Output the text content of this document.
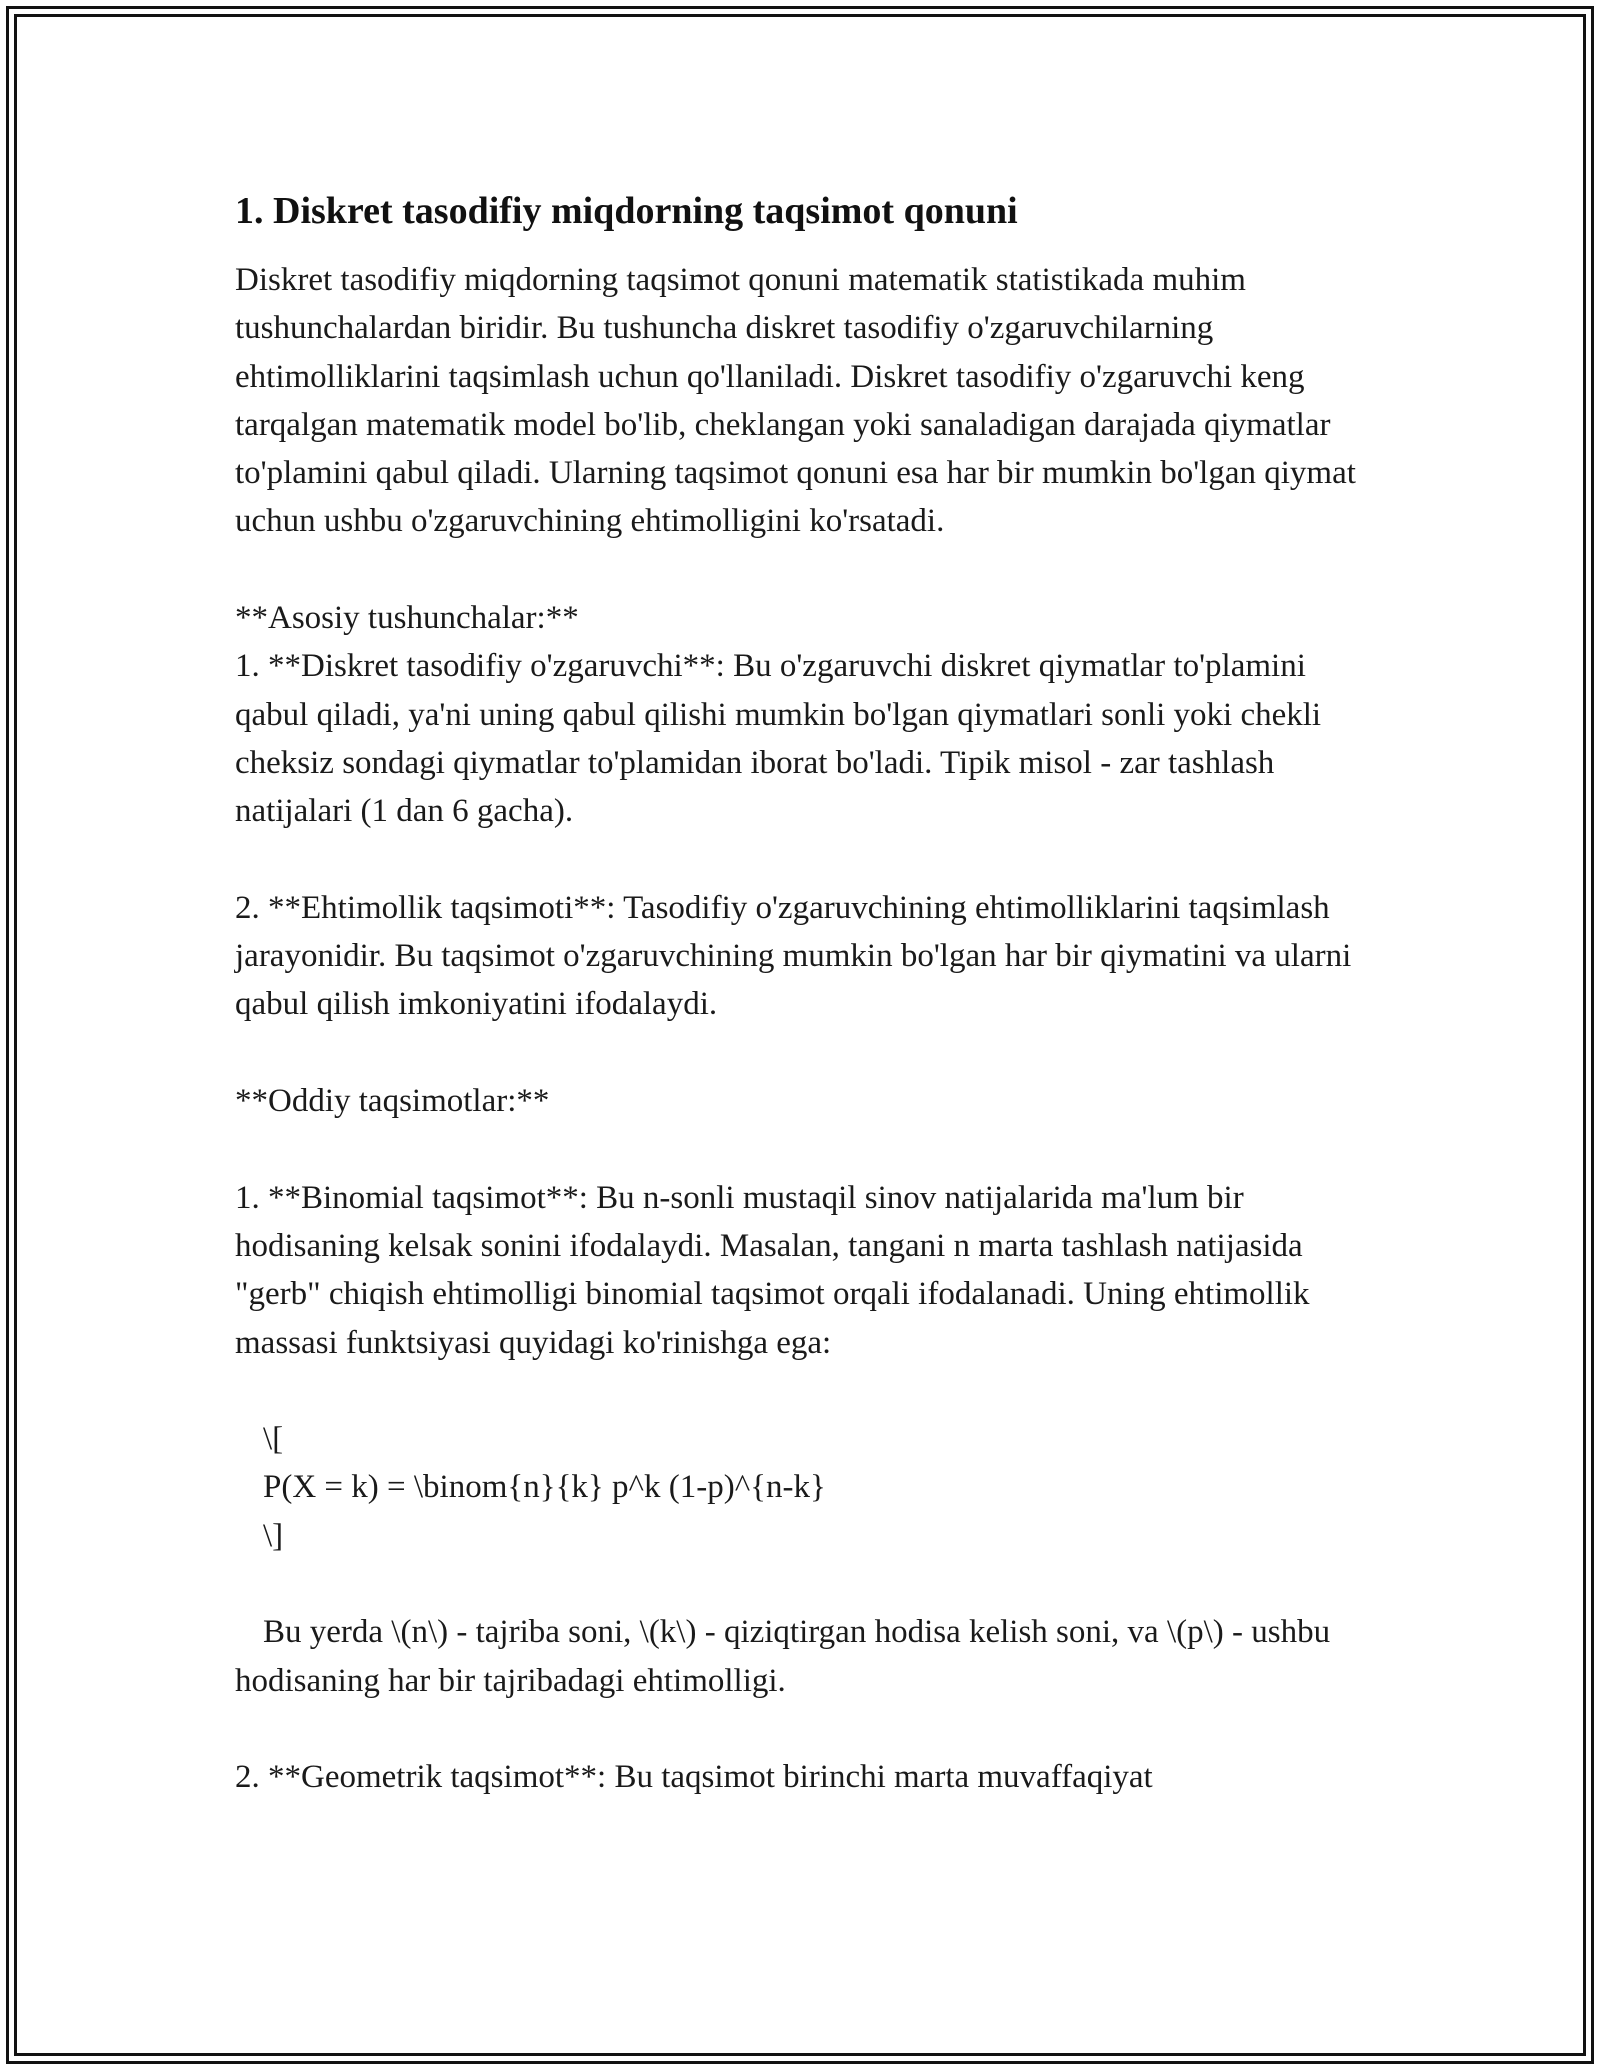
1. Diskret tasodifiy miqdorning taqsimot qonuni

Diskret tasodifiy miqdorning taqsimot qonuni matematik statistikada muhim tushunchalardan biridir. Bu tushuncha diskret tasodifiy o'zgaruvchilarning ehtimolliklarini taqsimlash uchun qo'llaniladi. Diskret tasodifiy o'zgaruvchi keng tarqalgan matematik model bo'lib, cheklangan yoki sanaladigan darajada qiymatlar to'plamini qabul qiladi. Ularning taqsimot qonuni esa har bir mumkin bo'lgan qiymat uchun ushbu o'zgaruvchining ehtimolligini ko'rsatadi.

**Asosiy tushunchalar:**

1. **Diskret tasodifiy o'zgaruvchi**: Bu o'zgaruvchi diskret qiymatlar to'plamini qabul qiladi, ya'ni uning qabul qilishi mumkin bo'lgan qiymatlari sonli yoki chekli cheksiz sondagi qiymatlar to'plamidan iborat bo'ladi. Tipik misol - zar tashlash natijalari (1 dan 6 gacha).

2. **Ehtimollik taqsimoti**: Tasodifiy o'zgaruvchining ehtimolliklarini taqsimlash jarayonidir. Bu taqsimot o'zgaruvchining mumkin bo'lgan har bir qiymatini va ularni qabul qilish imkoniyatini ifodalaydi.

**Oddiy taqsimotlar:**

1. **Binomial taqsimot**: Bu n-sonli mustaqil sinov natijalarida ma'lum bir hodisaning kelsak sonini ifodalaydi. Masalan, tangani n marta tashlash natijasida "gerb" chiqish ehtimolligi binomial taqsimot orqali ifodalanadi. Uning ehtimollik massasi funktsiyasi quyidagi ko'rinishga ega:

\[

P(X = k) = \binom{n}{k} p^k (1-p)^{n-k}

\]

Bu yerda \(n\) - tajriba soni, \(k\) - qiziqtirgan hodisa kelish soni, va \(p\) - ushbu hodisaning har bir tajribadagi ehtimolligi.

2. **Geometrik taqsimot**: Bu taqsimot birinchi marta muvaffaqiyat
